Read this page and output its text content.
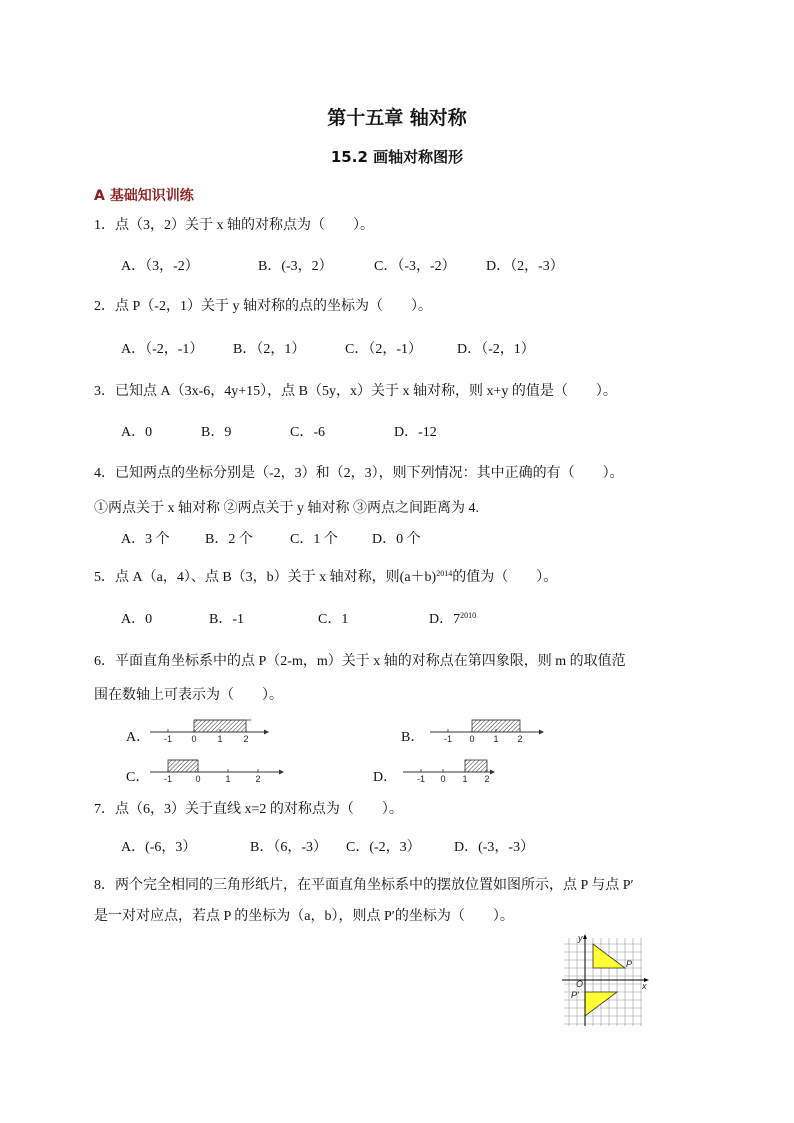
第十五章 轴对称
15.2 画轴对称图形
A 基础知识训练
1．点（3，2）关于 x 轴的对称点为（　　）。
A．（3，-2）	B．(-3，2）	C．（-3，-2） D．（2，-3）
2．点 P（-2，1）关于 y 轴对称的点的坐标为（　　）。
A．（-2，-1） B．（2，1）	C．（2，-1）	D．（-2，1）
3．已知点 A（3x-6，4y+15），点 B（5y，x）关于 x 轴对称，则 x+y 的值是（　　）。
A．0	B．9	C．-6	D．-12
4．已知两点的坐标分别是（-2，3）和（2，3），则下列情况：其中正确的有（　　）。
①两点关于 x 轴对称 ②两点关于 y 轴对称 ③两点之间距离为 4.
A．3 个	B．2 个	C．1 个 D．0 个
5．点 A（a，4）、点 B（3，b）关于 x 轴对称，则$(a+b)^{2014}$的值为（　　）。
A．0	B．-1	C．1	D．$7^{2010}$
6．平面直角坐标系中的点 P（2-m，m）关于 x 轴的对称点在第四象限，则 m 的取值范
围在数轴上可表示为（　　）。
A．	B．
C．	D．
-1 0 1 2	-1 0 1 2
-1	0	1	2	-1 0 1 2
7．点（6，3）关于直线 x=2 的对称点为（　　）。
A．(-6，3）	B．（6，-3） C．(-2，3） D．(-3，-3）
8．两个完全相同的三角形纸片，在平面直角坐标系中的摆放位置如图所示，点 P 与点 P′
是一对对应点，若点 P 的坐标为（a，b），则点 P′的坐标为（　　）。
y
x
O
P
P'
